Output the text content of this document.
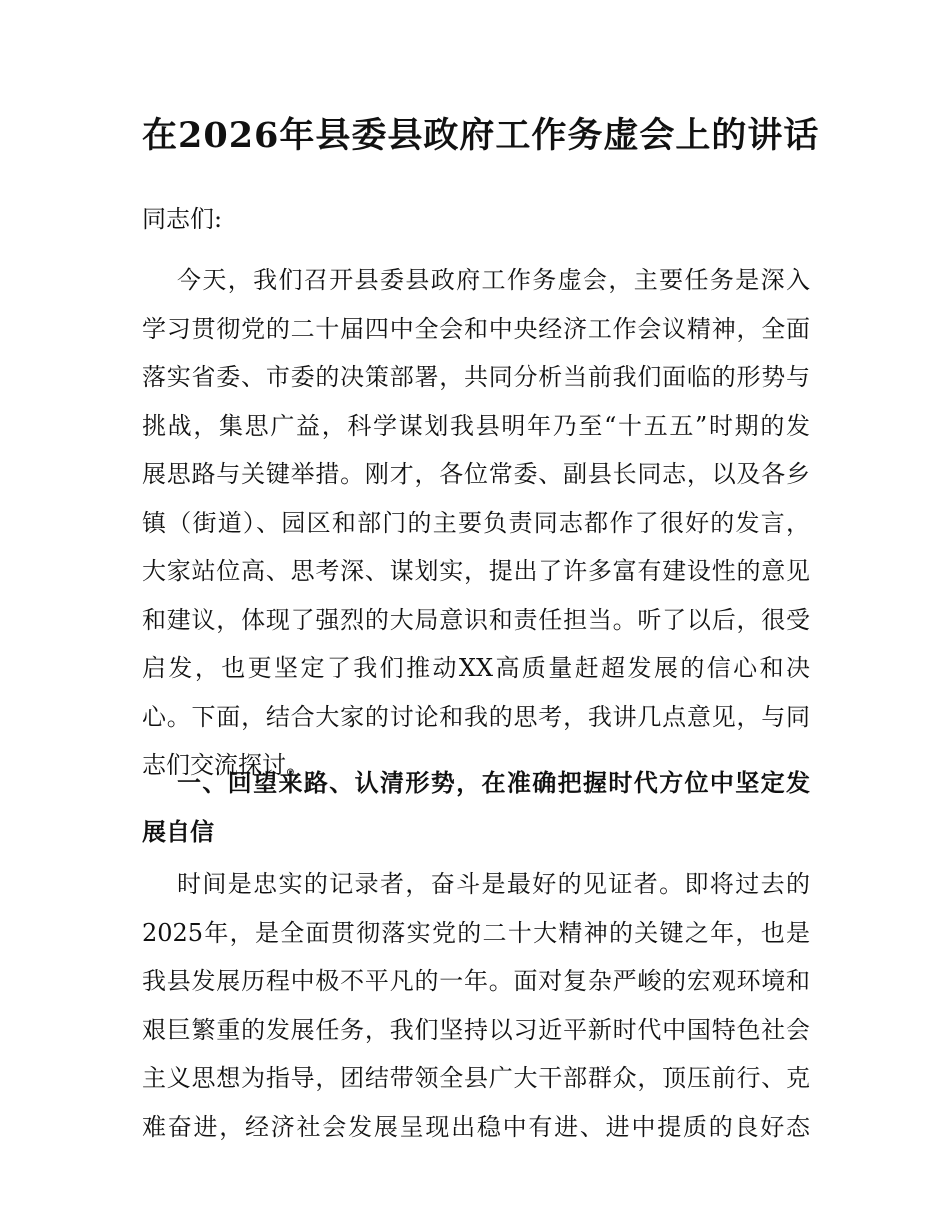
在2026年县委县政府工作务虚会上的讲话

同志们:

今天，我们召开县委县政府工作务虚会，主要任务是深入
学习贯彻党的二十届四中全会和中央经济工作会议精神，全面
落实省委、市委的决策部署，共同分析当前我们面临的形势与
挑战，集思广益，科学谋划我县明年乃至“十五五”时期的发
展思路与关键举措。刚才，各位常委、副县长同志，以及各乡
镇（街道）、园区和部门的主要负责同志都作了很好的发言，
大家站位高、思考深、谋划实，提出了许多富有建设性的意见
和建议，体现了强烈的大局意识和责任担当。听了以后，很受
启发，也更坚定了我们推动XX高质量赶超发展的信心和决
心。下面，结合大家的讨论和我的思考，我讲几点意见，与同
志们交流探讨。

一、回望来路、认清形势，在准确把握时代方位中坚定发
展自信

时间是忠实的记录者，奋斗是最好的见证者。即将过去的
2025年，是全面贯彻落实党的二十大精神的关键之年，也是
我县发展历程中极不平凡的一年。面对复杂严峻的宏观环境和
艰巨繁重的发展任务，我们坚持以习近平新时代中国特色社会
主义思想为指导，团结带领全县广大干部群众，顶压前行、克
难奋进，经济社会发展呈现出稳中有进、进中提质的良好态
